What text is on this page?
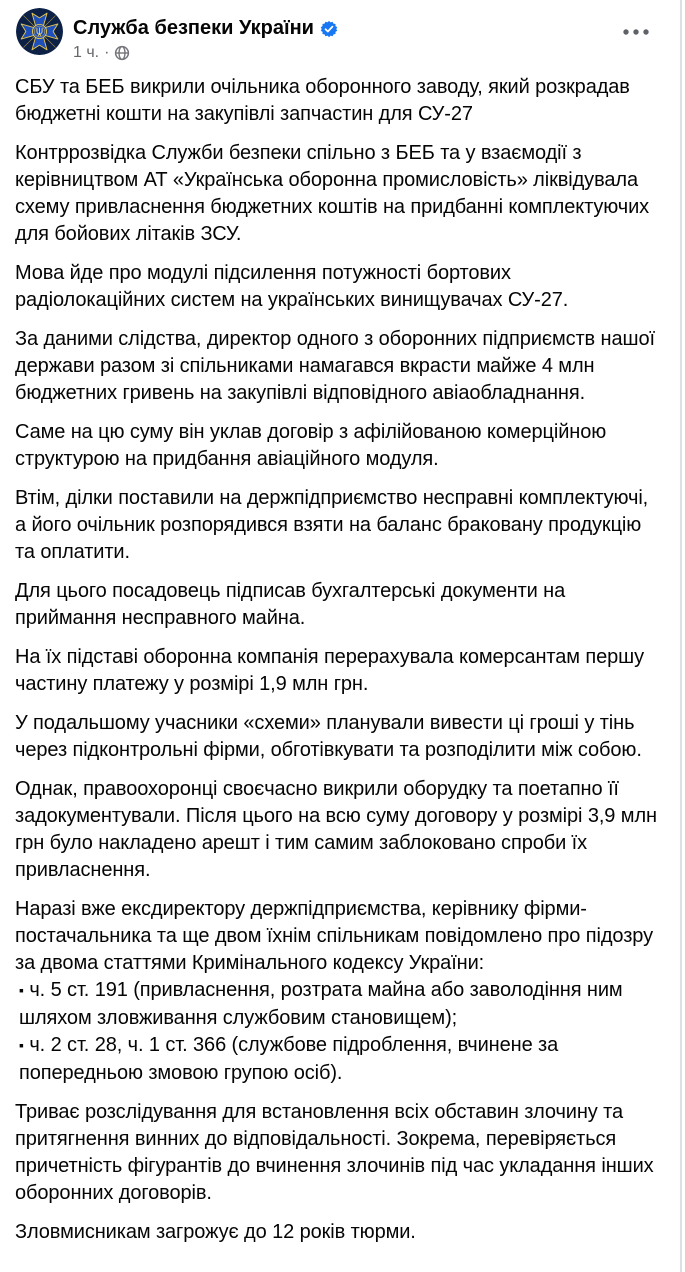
Служба безпеки України
1 ч. ·
СБУ та БЕБ викрили очільника оборонного заводу, який розкрадав бюджетні кошти на закупівлі запчастин для СУ-27
Контррозвідка Служби безпеки спільно з БЕБ та у взаємодії з керівництвом АТ «Українська оборонна промисловість» ліквідувала схему привласнення бюджетних коштів на придбанні комплектуючих для бойових літаків ЗСУ.
Мова йде про модулі підсилення потужності бортових радіолокаційних систем на українських винищувачах СУ-27.
За даними слідства, директор одного з оборонних підприємств нашої держави разом зі спільниками намагався вкрасти майже 4 млн бюджетних гривень на закупівлі відповідного авіаобладнання.
Саме на цю суму він уклав договір з афілійованою комерційною структурою на придбання авіаційного модуля.
Втім, ділки поставили на держпідприємство несправні комплектуючі, а його очільник розпорядився взяти на баланс браковану продукцію та оплатити.
Для цього посадовець підписав бухгалтерські документи на приймання несправного майна.
На їх підставі оборонна компанія перерахувала комерсантам першу частину платежу у розмірі 1,9 млн грн.
У подальшому учасники «схеми» планували вивести ці гроші у тінь через підконтрольні фірми, обготівкувати та розподілити між собою.
Однак, правоохоронці своєчасно викрили оборудку та поетапно її задокументували. Після цього на всю суму договору у розмірі 3,9 млн грн було накладено арешт і тим самим заблоковано спроби їх привласнення.
Наразі вже ексдиректору держпідприємства, керівнику фірми-постачальника та ще двом їхнім спільникам повідомлено про підозру за двома статтями Кримінального кодексу України:
▪ ч. 5 ст. 191 (привласнення, розтрата майна або заволодіння ним шляхом зловживання службовим становищем);
▪ ч. 2 ст. 28, ч. 1 ст. 366 (службове підроблення, вчинене за попередньою змовою групою осіб).
Триває розслідування для встановлення всіх обставин злочину та притягнення винних до відповідальності. Зокрема, перевіряється причетність фігурантів до вчинення злочинів під час укладання інших оборонних договорів.
Зловмисникам загрожує до 12 років тюрми.
